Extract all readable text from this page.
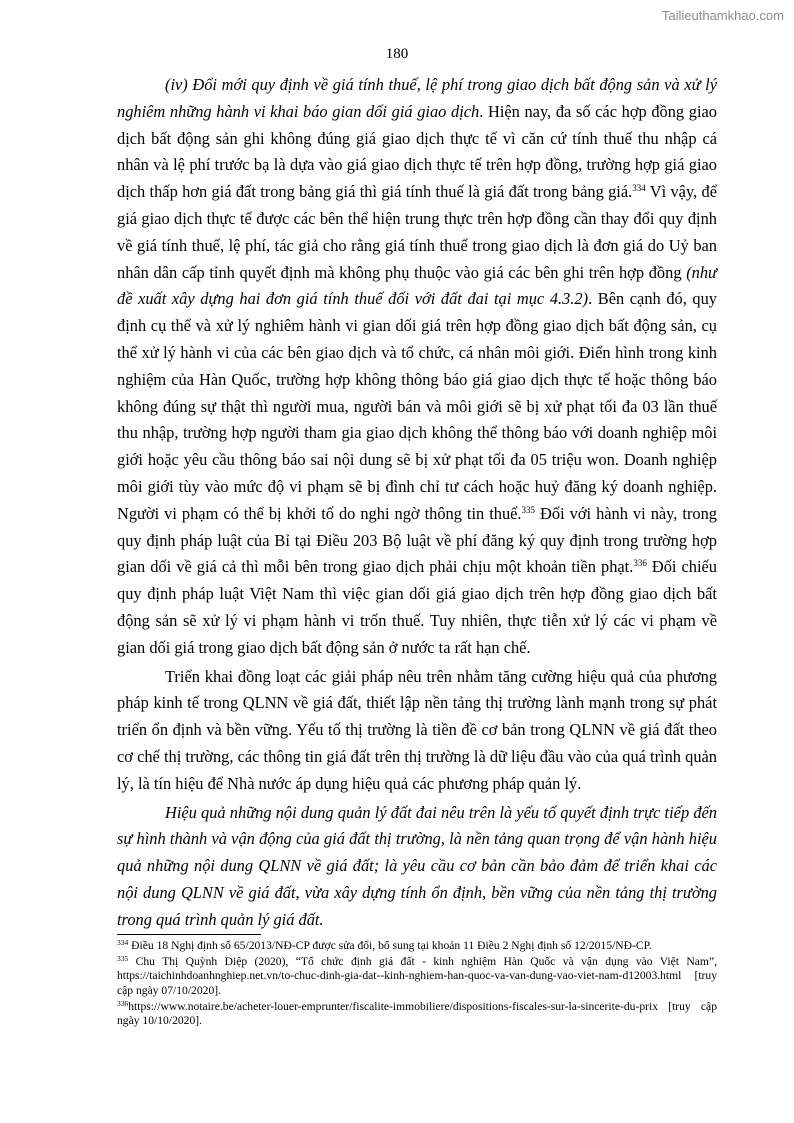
Tailieuthamkhao.com
180

(iv) Đổi mới quy định về giá tính thuế, lệ phí trong giao dịch bất động sản và xử lý nghiêm những hành vi khai báo gian dối giá giao dịch. Hiện nay, đa số các hợp đồng giao dịch bất động sản ghi không đúng giá giao dịch thực tế vì căn cứ tính thuế thu nhập cá nhân và lệ phí trước bạ là dựa vào giá giao dịch thực tế trên hợp đồng, trường hợp giá giao dịch thấp hơn giá đất trong bảng giá thì giá tính thuế là giá đất trong bảng giá.$^{334}$ Vì vậy, để giá giao dịch thực tế được các bên thể hiện trung thực trên hợp đồng cần thay đổi quy định về giá tính thuế, lệ phí, tác giả cho rằng giá tính thuế trong giao dịch là đơn giá do Uỷ ban nhân dân cấp tỉnh quyết định mà không phụ thuộc vào giá các bên ghi trên hợp đồng (như đề xuất xây dựng hai đơn giá tính thuế đối với đất đai tại mục 4.3.2). Bên cạnh đó, quy định cụ thể và xử lý nghiêm hành vi gian dối giá trên hợp đồng giao dịch bất động sản, cụ thể xử lý hành vi của các bên giao dịch và tổ chức, cá nhân môi giới. Điển hình trong kinh nghiệm của Hàn Quốc, trường hợp không thông báo giá giao dịch thực tế hoặc thông báo không đúng sự thật thì người mua, người bán và môi giới sẽ bị xử phạt tối đa 03 lần thuế thu nhập, trường hợp người tham gia giao dịch không thể thông báo với doanh nghiệp môi giới hoặc yêu cầu thông báo sai nội dung sẽ bị xử phạt tối đa 05 triệu won. Doanh nghiệp môi giới tùy vào mức độ vi phạm sẽ bị đình chỉ tư cách hoặc huỷ đăng ký doanh nghiệp. Người vi phạm có thể bị khởi tố do nghi ngờ thông tin thuế.$^{335}$ Đối với hành vi này, trong quy định pháp luật của Bỉ tại Điều 203 Bộ luật về phí đăng ký quy định trong trường hợp gian dối về giá cả thì mỗi bên trong giao dịch phải chịu một khoản tiền phạt.$^{336}$ Đối chiếu quy định pháp luật Việt Nam thì việc gian dối giá giao dịch trên hợp đồng giao dịch bất động sản sẽ xử lý vi phạm hành vi trốn thuế. Tuy nhiên, thực tiễn xử lý các vi phạm về gian dối giá trong giao dịch bất động sản ở nước ta rất hạn chế.

Triển khai đồng loạt các giải pháp nêu trên nhằm tăng cường hiệu quả của phương pháp kinh tế trong QLNN về giá đất, thiết lập nền tảng thị trường lành mạnh trong sự phát triển ổn định và bền vững. Yếu tố thị trường là tiền đề cơ bản trong QLNN về giá đất theo cơ chế thị trường, các thông tin giá đất trên thị trường là dữ liệu đầu vào của quá trình quản lý, là tín hiệu để Nhà nước áp dụng hiệu quả các phương pháp quản lý.

Hiệu quả những nội dung quản lý đất đai nêu trên là yếu tố quyết định trực tiếp đến sự hình thành và vận động của giá đất thị trường, là nền tảng quan trọng để vận hành hiệu quả những nội dung QLNN về giá đất; là yêu cầu cơ bản cần bảo đảm để triển khai các nội dung QLNN về giá đất, vừa xây dựng tính ổn định, bền vững của nền tảng thị trường trong quá trình quản lý giá đất.

$^{334}$ Điều 18 Nghị định số 65/2013/NĐ-CP được sửa đổi, bổ sung tại khoản 11 Điều 2 Nghị định số 12/2015/NĐ-CP.

$^{335}$ Chu Thị Quỳnh Diệp (2020), “Tổ chức định giá đất - kinh nghiệm Hàn Quốc và vận dụng vào Việt Nam”, https://taichinhdoanhnghiep.net.vn/to-chuc-dinh-gia-dat--kinh-nghiem-han-quoc-va-van-dung-vao-viet-nam-d12003.html [truy cập ngày 07/10/2020].

$^{336}$https://www.notaire.be/acheter-louer-emprunter/fiscalite-immobiliere/dispositions-fiscales-sur-la-sincerite-du-prix [truy cập ngày 10/10/2020].
